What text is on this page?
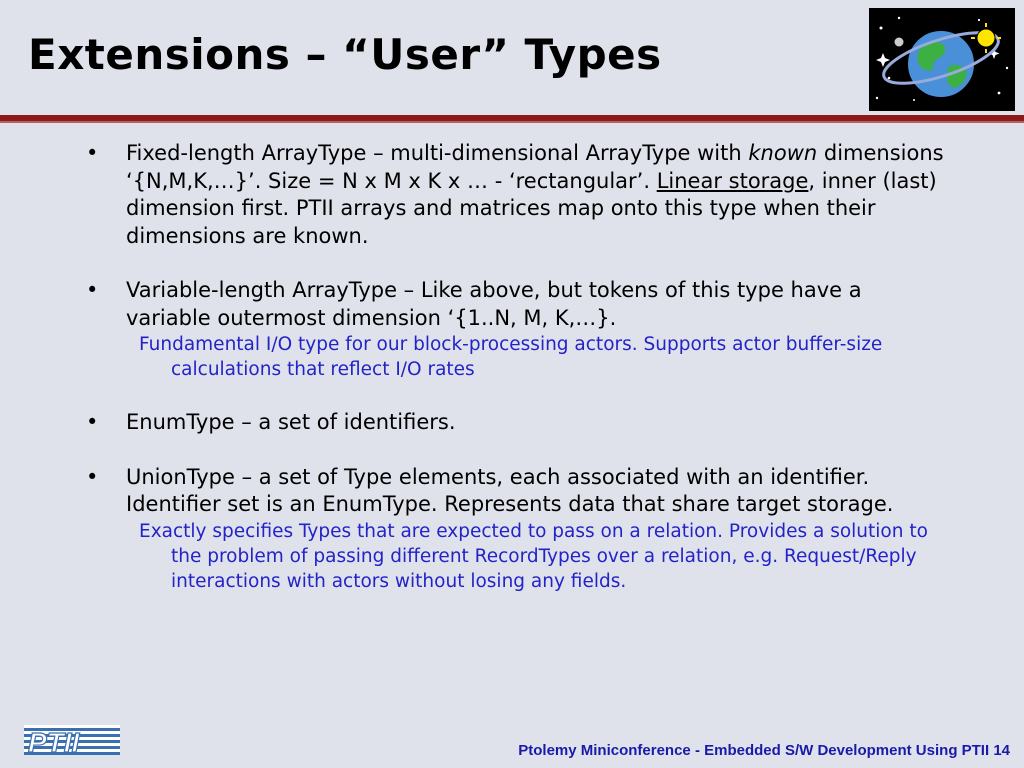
Extensions – “User” Types
• Fixed-length ArrayType – multi-dimensional ArrayType with known dimensions ‘{N,M,K,…}’. Size = N x M x K x … - ‘rectangular’. Linear storage, inner (last) dimension first. PTII arrays and matrices map onto this type when their dimensions are known.
• Variable-length ArrayType – Like above, but tokens of this type have a variable outermost dimension ‘{1..N, M, K,…}.
Fundamental I/O type for our block-processing actors. Supports actor buffer-size calculations that reflect I/O rates
• EnumType – a set of identifiers.
• UnionType – a set of Type elements, each associated with an identifier. Identifier set is an EnumType. Represents data that share target storage.
Exactly specifies Types that are expected to pass on a relation. Provides a solution to the problem of passing different RecordTypes over a relation, e.g. Request/Reply interactions with actors without losing any fields.
PTII	Ptolemy Miniconference - Embedded S/W Development Using PTII 14
